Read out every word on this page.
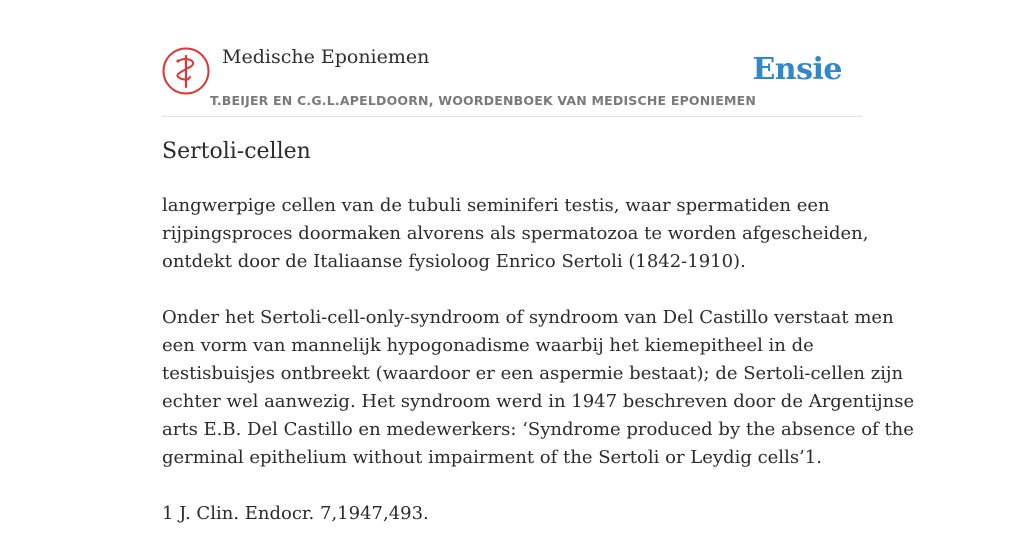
Medische Eponiemen
T.BEIJER EN C.G.L.APELDOORN, WOORDENBOEK VAN MEDISCHE EPONIEMEN
Ensie
Sertoli-cellen

langwerpige cellen van de tubuli seminiferi testis, waar spermatiden een
rijpingsproces doormaken alvorens als spermatozoa te worden afgescheiden,
ontdekt door de Italiaanse fysioloog Enrico Sertoli (1842-1910).

Onder het Sertoli-cell-only-syndroom of syndroom van Del Castillo verstaat men
een vorm van mannelijk hypogonadisme waarbij het kiemepitheel in de
testisbuisjes ontbreekt (waardoor er een aspermie bestaat); de Sertoli-cellen zijn
echter wel aanwezig. Het syndroom werd in 1947 beschreven door de Argentijnse
arts E.B. Del Castillo en medewerkers: ‘Syndrome produced by the absence of the
germinal epithelium without impairment of the Sertoli or Leydig cells’1.

1 J. Clin. Endocr. 7,1947,493.
